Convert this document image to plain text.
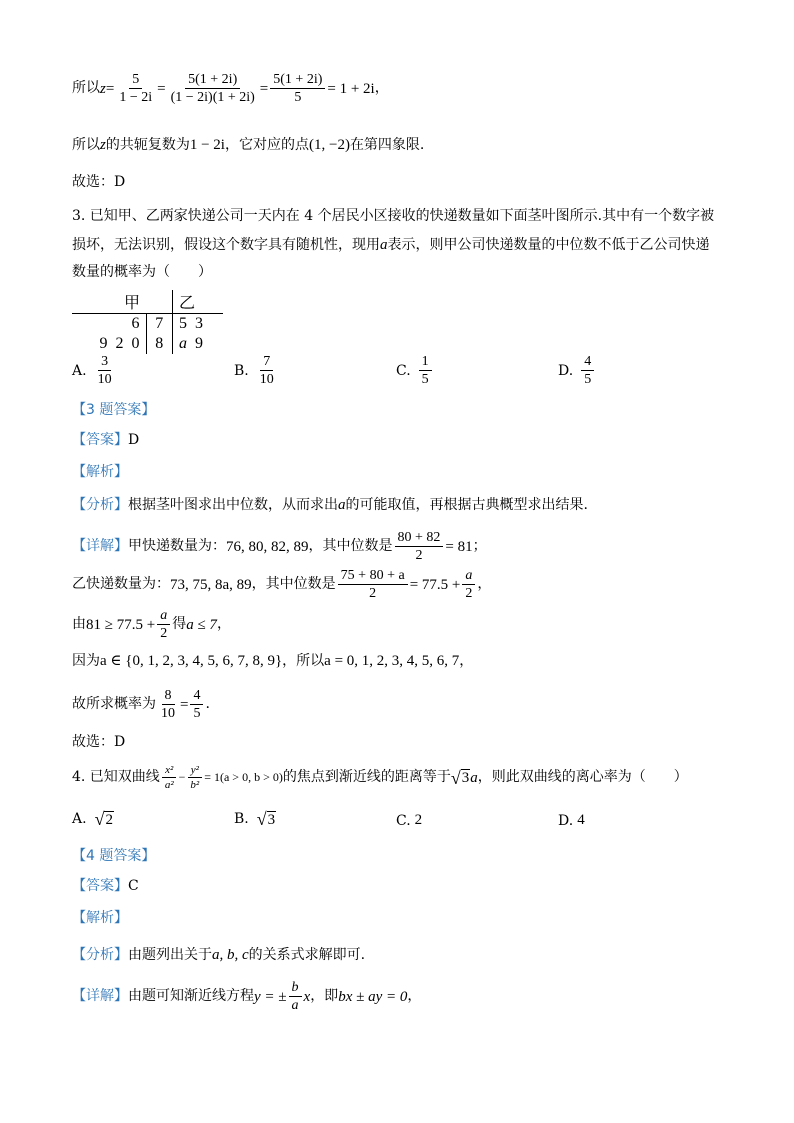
所以 $z = \frac{5}{1 - 2i} = \frac{5(1 + 2i)}{(1 - 2i)(1 + 2i)} = \frac{5(1 + 2i)}{5} = 1 + 2i$ ，
所以 z 的共轭复数为 1 − 2i ，它对应的点 (1, −2) 在第四象限.
故选：D
3. 已知甲、乙两家快递公司一天内在 4 个居民小区接收的快递数量如下面茎叶图所示.其中有一个数字被
损坏，无法识别，假设这个数字具有随机性，现用 a 表示，则甲公司快递数量的中位数不低于乙公司快递
数量的概率为（　　）
甲		乙
6	7	5  3
9  2  0	8	a 9
A. $\frac{3}{10}$	B. $\frac{7}{10}$	C. $\frac{1}{5}$	D. $\frac{4}{5}$
【3 题答案】
【答案】 D
【解析】
【分析】 根据茎叶图求出中位数，从而求出 a 的可能取值，再根据古典概型求出结果.
【详解】 甲快递数量为： 76, 80, 82, 89 ，其中位数是 $\frac{80 + 82}{2} = 81$ ；
乙快递数量为： 73, 75, 8a, 89 ，其中位数是 $\frac{75 + 80 + a}{2} = 77.5 + \frac{a}{2}$ ，
由 $81 \ge 77.5 + \frac{a}{2}$ 得 a ≤ 7 ，
因为 a ∈ {0, 1, 2, 3, 4, 5, 6, 7, 8, 9} ，所以 a = 0, 1, 2, 3, 4, 5, 6, 7 ，
故所求概率为 $\frac{8}{10} = \frac{4}{5}$ .
故选：D
4. 已知双曲线 $\frac{\text{x²}}{\text{a²}} - \frac{\text{y²}}{\text{b²}} = 1(a > 0$, b > 0) 的焦点到渐近线的距离等于 √ 3 a ，则此双曲线的离心率为（　　）
A. √ 2	B. √ 3	C. 2	D. 4
【4 题答案】
【答案】 C
【解析】
【分析】 由题列出关于 a, b, c 的关系式求解即可.
【详解】 由题可知渐近线方程 y = ± $\frac{b}{a}$ x ，即 bx ± ay = 0 ，
